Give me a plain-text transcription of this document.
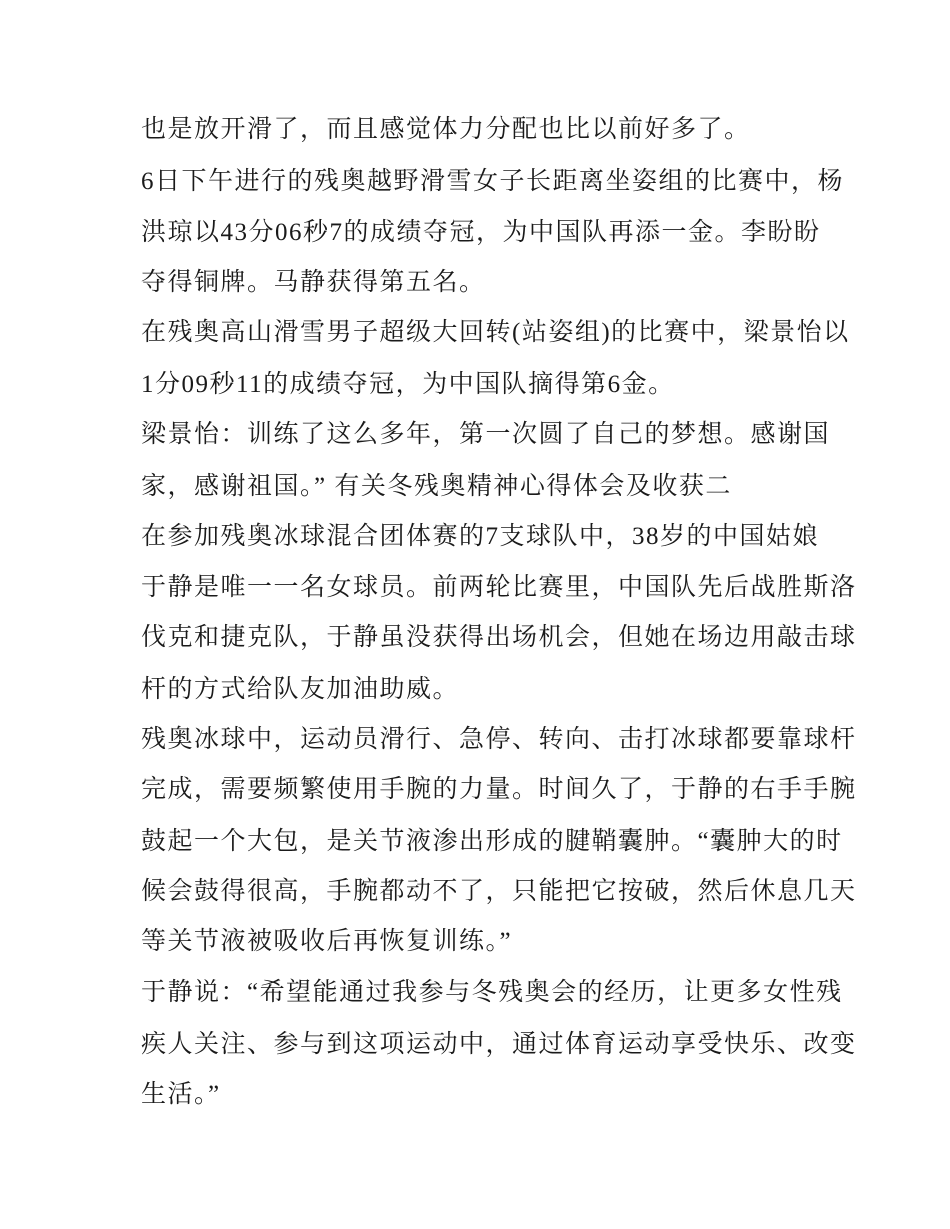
也是放开滑了，而且感觉体力分配也比以前好多了。
6日下午进行的残奥越野滑雪女子长距离坐姿组的比赛中，杨
洪琼以43分06秒7的成绩夺冠，为中国队再添一金。李盼盼
夺得铜牌。马静获得第五名。
在残奥高山滑雪男子超级大回转(站姿组)的比赛中，梁景怡以
1分09秒11的成绩夺冠，为中国队摘得第6金。
梁景怡：训练了这么多年，第一次圆了自己的梦想。感谢国
家，感谢祖国。” 有关冬残奥精神心得体会及收获二
在参加残奥冰球混合团体赛的7支球队中，38岁的中国姑娘
于静是唯一一名女球员。前两轮比赛里，中国队先后战胜斯洛
伐克和捷克队，于静虽没获得出场机会，但她在场边用敲击球
杆的方式给队友加油助威。
残奥冰球中，运动员滑行、急停、转向、击打冰球都要靠球杆
完成，需要频繁使用手腕的力量。时间久了，于静的右手手腕
鼓起一个大包，是关节液渗出形成的腱鞘囊肿。“囊肿大的时
候会鼓得很高，手腕都动不了，只能把它按破，然后休息几天
等关节液被吸收后再恢复训练。”
于静说：“希望能通过我参与冬残奥会的经历，让更多女性残
疾人关注、参与到这项运动中，通过体育运动享受快乐、改变
生活。”
